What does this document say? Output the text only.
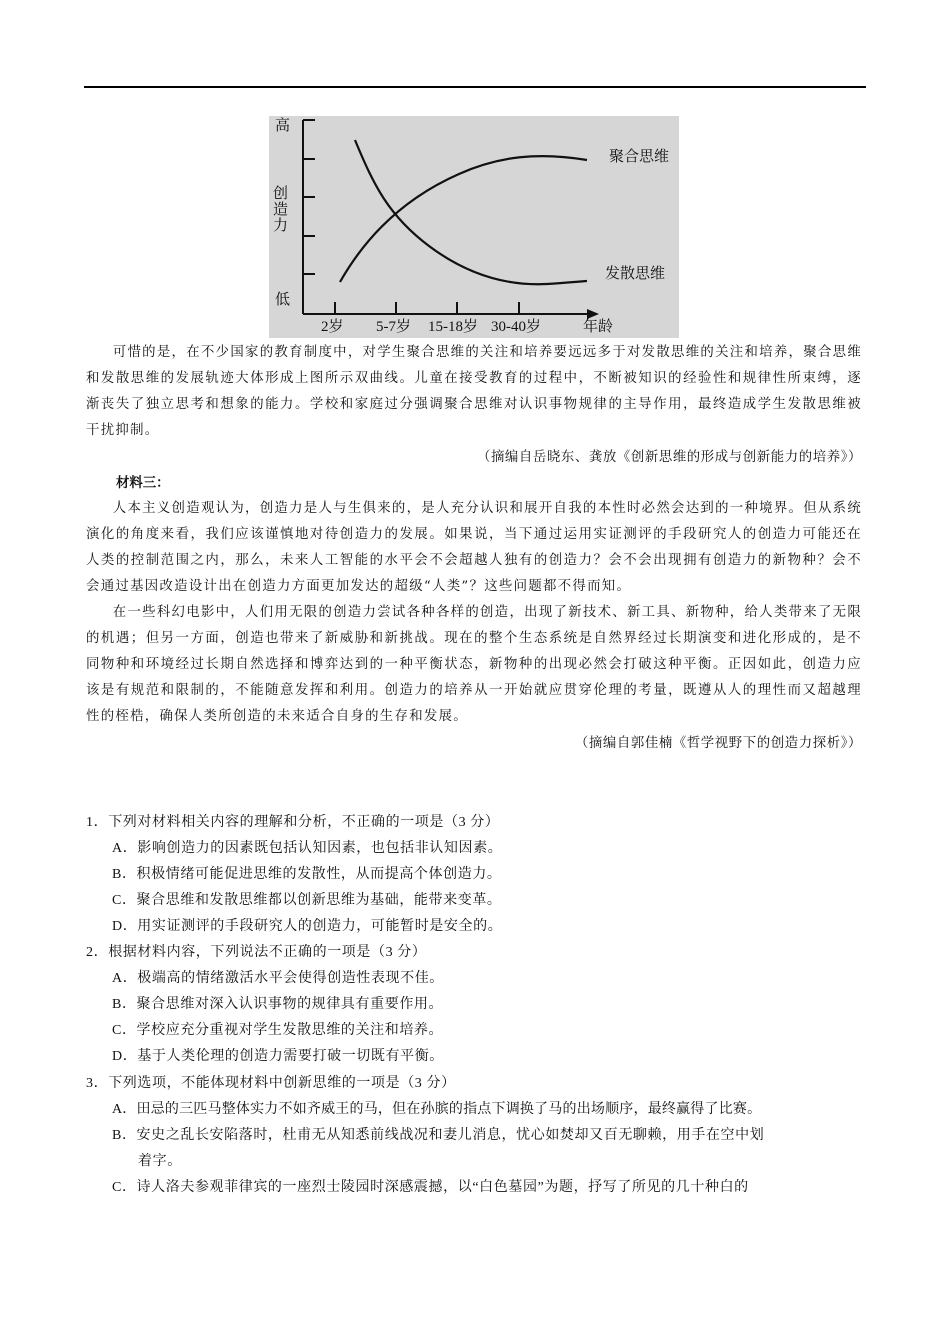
高
创造力
低
2岁 5-7岁 15-18岁 30-40岁	年龄
聚合思维
发散思维

可惜的是，在不少国家的教育制度中，对学生聚合思维的关注和培养要远远多于对发散思维的关注和培养，聚合思维和发散思维的发展轨迹大体形成上图所示双曲线。儿童在接受教育的过程中，不断被知识的经验性和规律性所束缚，逐渐丧失了独立思考和想象的能力。学校和家庭过分强调聚合思维对认识事物规律的主导作用，最终造成学生发散思维被干扰抑制。

（摘编自岳晓东、龚放《创新思维的形成与创新能力的培养》）

材料三：

人本主义创造观认为，创造力是人与生俱来的，是人充分认识和展开自我的本性时必然会达到的一种境界。但从系统演化的角度来看，我们应该谨慎地对待创造力的发展。如果说，当下通过运用实证测评的手段研究人的创造力可能还在人类的控制范围之内，那么，未来人工智能的水平会不会超越人独有的创造力？会不会出现拥有创造力的新物种？会不会通过基因改造设计出在创造力方面更加发达的超级“人类”？这些问题都不得而知。

在一些科幻电影中，人们用无限的创造力尝试各种各样的创造，出现了新技术、新工具、新物种，给人类带来了无限的机遇；但另一方面，创造也带来了新威胁和新挑战。现在的整个生态系统是自然界经过长期演变和进化形成的，是不同物种和环境经过长期自然选择和博弈达到的一种平衡状态，新物种的出现必然会打破这种平衡。正因如此，创造力应该是有规范和限制的，不能随意发挥和利用。创造力的培养从一开始就应贯穿伦理的考量，既遵从人的理性而又超越理性的桎梏，确保人类所创造的未来适合自身的生存和发展。

（摘编自郭佳楠《哲学视野下的创造力探析》）

1．下列对材料相关内容的理解和分析，不正确的一项是（3 分）

A．影响创造力的因素既包括认知因素，也包括非认知因素。

B．积极情绪可能促进思维的发散性，从而提高个体创造力。

C．聚合思维和发散思维都以创新思维为基础，能带来变革。

D．用实证测评的手段研究人的创造力，可能暂时是安全的。

2．根据材料内容，下列说法不正确的一项是（3 分）

A．极端高的情绪激活水平会使得创造性表现不佳。

B．聚合思维对深入认识事物的规律具有重要作用。

C．学校应充分重视对学生发散思维的关注和培养。

D．基于人类伦理的创造力需要打破一切既有平衡。

3．下列选项，不能体现材料中创新思维的一项是（3 分）

A．田忌的三匹马整体实力不如齐威王的马，但在孙膑的指点下调换了马的出场顺序，最终赢得了比赛。

B．安史之乱长安陷落时，杜甫无从知悉前线战况和妻儿消息，忧心如焚却又百无聊赖，用手在空中划

着字。

C．诗人洛夫参观菲律宾的一座烈士陵园时深感震撼，以“白色墓园”为题，抒写了所见的几十种白的
